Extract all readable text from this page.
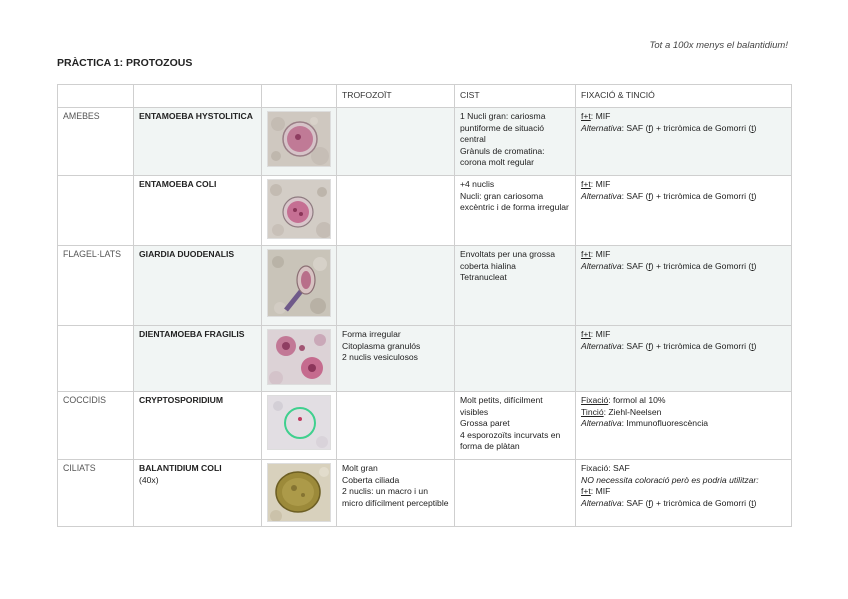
Tot a 100x menys el balantidium!
PRÀCTICA 1: PROTOZOUS
			TROFOZOÏT	CIST	FIXACIÓ & TINCIÓ
AMEBES	ENTAMOEBA HYSTOLITICA			1 Nucli gran: cariosma puntiforme de situació central
Grànuls de cromatina: corona molt regular	f+t: MIF
Alternativa: SAF (f) + tricròmica de Gomorri (t)

	ENTAMOEBA COLI			+4 nuclis
Nucli: gran cariosoma excèntric i de forma irregular	f+t: MIF
Alternativa: SAF (f) + tricròmica de Gomorri (t)

FLAGEL·LATS	GIARDIA DUODENALIS			Envoltats per una grossa coberta hialina
Tetranucleat	f+t: MIF
Alternativa: SAF (f) + tricròmica de Gomorri (t)

	DIENTAMOEBA FRAGILIS		Forma irregular
Citoplasma granulós
2 nuclis vesiculosos		f+t: MIF
Alternativa: SAF (f) + tricròmica de Gomorri (t)

COCCIDIS	CRYPTOSPORIDIUM			Molt petits, difícilment visibles
Grossa paret
4 esporozoïts incurvats en forma de plàtan	Fixació: formol al 10%
Tinció: Ziehl-Neelsen
Alternativa: Immunofluorescència

CILIATS	BALANTIDIUM COLI
(40x)		Molt gran
Coberta ciliada
2 nuclis: un macro i un micro difícilment perceptible		Fixació: SAF
NO necessita coloració però es podria utilitzar:
f+t: MIF
Alternativa: SAF (f) + tricròmica de Gomorri (t)
